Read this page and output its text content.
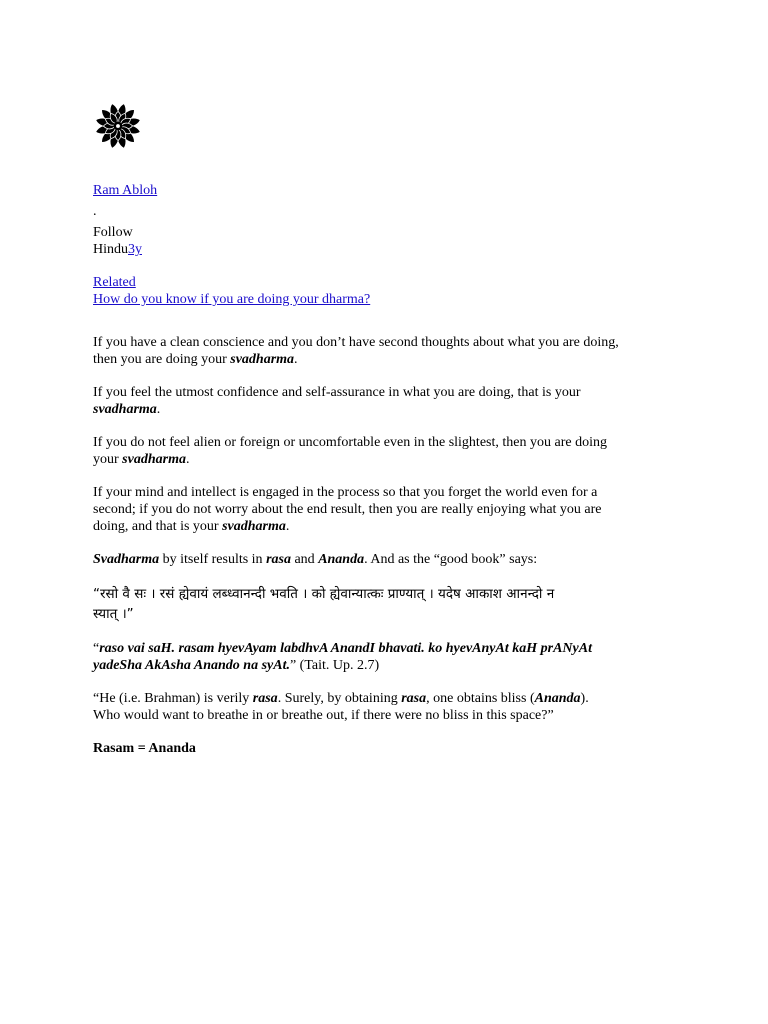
Ram Abloh
.
Follow
Hindu3y
Related
How do you know if you are doing your dharma?

If you have a clean conscience and you don’t have second thoughts about what you are doing,
then you are doing your svadharma.

If you feel the utmost confidence and self-assurance in what you are doing, that is your
svadharma.

If you do not feel alien or foreign or uncomfortable even in the slightest, then you are doing
your svadharma.

If your mind and intellect is engaged in the process so that you forget the world even for a
second; if you do not worry about the end result, then you are really enjoying what you are
doing, and that is your svadharma.

Svadharma by itself results in rasa and Ananda. And as the “good book” says:

“रसो वै सः । रसं ह्येवायं लब्ध्वानन्दी भवति । को ह्येवान्यात्कः प्राण्यात् । यदेष आकाश आनन्दो न
स्यात् ।”

“raso vai saH. rasam hyevAyam labdhvA AnandI bhavati. ko hyevAnyAt kaH prANyAt
yadeSha AkAsha Anando na syAt.” (Tait. Up. 2.7)

“He (i.e. Brahman) is verily rasa. Surely, by obtaining rasa, one obtains bliss (Ananda).
Who would want to breathe in or breathe out, if there were no bliss in this space?”

Rasam = Ananda
